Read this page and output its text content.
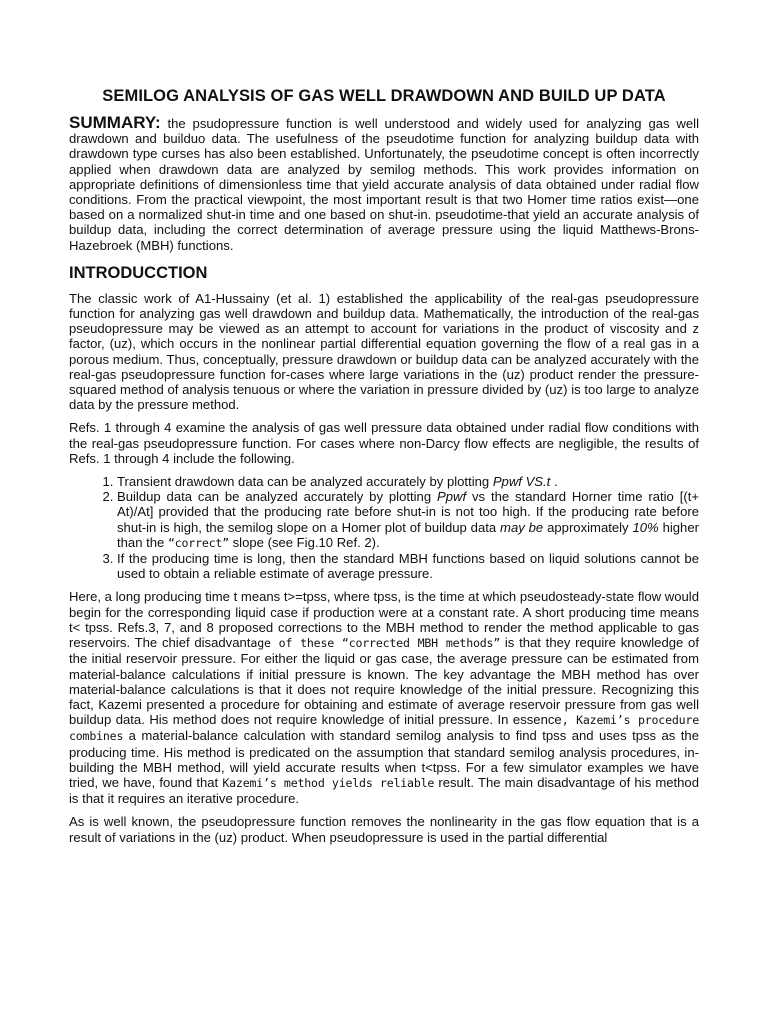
SEMILOG ANALYSIS OF GAS WELL DRAWDOWN AND BUILD UP DATA

SUMMARY: the psudopressure function is well understood and widely used for analyzing gas well drawdown and builduo data. The usefulness of the pseudotime function for analyzing buildup data with drawdown type curses has also been established. Unfortunately, the pseudotime concept is often incorrectly applied when drawdown data are analyzed by semilog methods. This work provides information on appropriate definitions of dimensionless time that yield accurate analysis of data obtained under radial flow conditions. From the practical viewpoint, the most important result is that two Homer time ratios exist—one based on a normalized shut-in time and one based on shut-in. pseudotime-that yield an accurate analysis of buildup data, including the correct determination of average pressure using the liquid Matthews-Brons-Hazebroek (MBH) functions.

INTRODUCCTION

The classic work of A1-Hussainy (et al. 1) established the applicability of the real-gas pseudopressure function for analyzing gas well drawdown and buildup data. Mathematically, the introduction of the real-gas pseudopressure may be viewed as an attempt to account for variations in the product of viscosity and z factor, (uz), which occurs in the nonlinear partial differential equation governing the flow of a real gas in a porous medium. Thus, conceptually, pressure drawdown or buildup data can be analyzed accurately with the real-gas pseudopressure function for-cases where large variations in the (uz) product render the pressure-squared method of analysis tenuous or where the variation in pressure divided by (uz) is too large to analyze data by the pressure method.

Refs. 1 through 4 examine the analysis of gas well pressure data obtained under radial flow conditions with the real-gas pseudopressure function. For cases where non-Darcy flow effects are negligible, the results of Refs. 1 through 4 include the following.

1. Transient drawdown data can be analyzed accurately by plotting Ppwf VS.t .
2. Buildup data can be analyzed accurately by plotting Ppwf vs the standard Horner time ratio [(t+ At)/At] provided that the producing rate before shut-in is not too high. If the producing rate before shut-in is high, the semilog slope on a Homer plot of buildup data may be approximately 10% higher than the “correct” slope (see Fig.10 Ref. 2).
3. If the producing time is long, then the standard MBH functions based on liquid solutions cannot be used to obtain a reliable estimate of average pressure.

Here, a long producing time t means t>=tpss, where tpss, is the time at which pseudosteady-state flow would begin for the corresponding liquid case if production were at a constant rate. A short producing time means t< tpss. Refs.3, 7, and 8 proposed corrections to the MBH method to render the method applicable to gas reservoirs. The chief disadvantage of these “corrected MBH methods” is that they require knowledge of the initial reservoir pressure. For either the liquid or gas case, the average pressure can be estimated from material-balance calculations if initial pressure is known. The key advantage the MBH method has over material-balance calculations is that it does not require knowledge of the initial pressure. Recognizing this fact, Kazemi presented a procedure for obtaining and estimate of average reservoir pressure from gas well buildup data. His method does not require knowledge of initial pressure. In essence, Kazemi’s procedure combines a material-balance calculation with standard semilog analysis to find tpss and uses tpss as the producing time. His method is predicated on the assumption that standard semilog analysis procedures, in-building the MBH method, will yield accurate results when t<tpss. For a few simulator examples we have tried, we have, found that Kazemi’s method yields reliable result. The main disadvantage of his method is that it requires an iterative procedure.

As is well known, the pseudopressure function removes the nonlinearity in the gas flow equation that is a result of variations in the (uz) product. When pseudopressure is used in the partial differential
